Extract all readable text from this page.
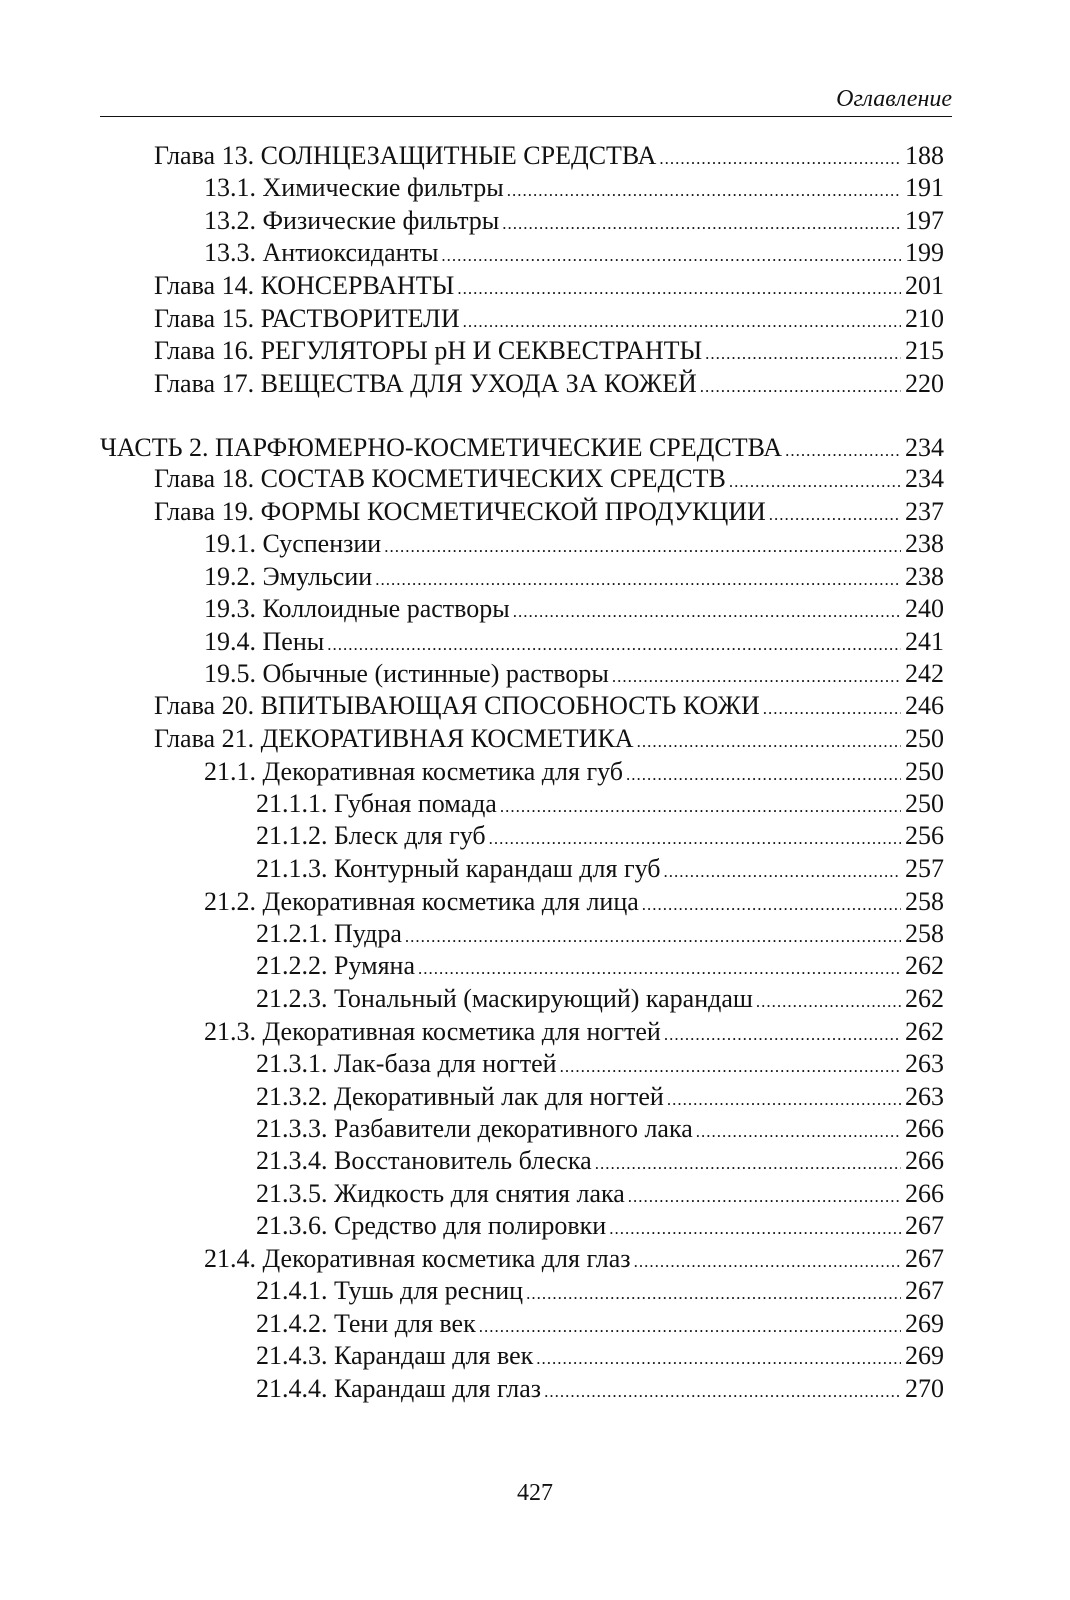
Оглавление
Глава 13. СОЛНЦЕЗАЩИТНЫЕ СРЕДСТВА .....	188
13.1. Химические фильтры .....	191
13.2. Физические фильтры .....	197
13.3. Антиоксиданты .....	199
Глава 14. КОНСЕРВАНТЫ .....	201
Глава 15. РАСТВОРИТЕЛИ .....	210
Глава 16. РЕГУЛЯТОРЫ рН И СЕКВЕСТРАНТЫ .....	215
Глава 17. ВЕЩЕСТВА ДЛЯ УХОДА ЗА КОЖЕЙ .....	220
ЧАСТЬ 2. ПАРФЮМЕРНО-КОСМЕТИЧЕСКИЕ СРЕДСТВА .....	234
Глава 18. СОСТАВ КОСМЕТИЧЕСКИХ СРЕДСТВ .....	234
Глава 19. ФОРМЫ КОСМЕТИЧЕСКОЙ ПРОДУКЦИИ .....	237
19.1. Суспензии .....	238
19.2. Эмульсии .....	238
19.3. Коллоидные растворы .....	240
19.4. Пены .....	241
19.5. Обычные (истинные) растворы .....	242
Глава 20. ВПИТЫВАЮЩАЯ СПОСОБНОСТЬ КОЖИ .....	246
Глава 21. ДЕКОРАТИВНАЯ КОСМЕТИКА .....	250
21.1. Декоративная косметика для губ .....	250
21.1.1. Губная помада .....	250
21.1.2. Блеск для губ .....	256
21.1.3. Контурный карандаш для губ .....	257
21.2. Декоративная косметика для лица .....	258
21.2.1. Пудра .....	258
21.2.2. Румяна .....	262
21.2.3. Тональный (маскирующий) карандаш .....	262
21.3. Декоративная косметика для ногтей .....	262
21.3.1. Лак-база для ногтей .....	263
21.3.2. Декоративный лак для ногтей .....	263
21.3.3. Разбавители декоративного лака .....	266
21.3.4. Восстановитель блеска .....	266
21.3.5. Жидкость для снятия лака .....	266
21.3.6. Средство для полировки .....	267
21.4. Декоративная косметика для глаз .....	267
21.4.1. Тушь для ресниц .....	267
21.4.2. Тени для век .....	269
21.4.3. Карандаш для век .....	269
21.4.4. Карандаш для глаз .....	270
427
